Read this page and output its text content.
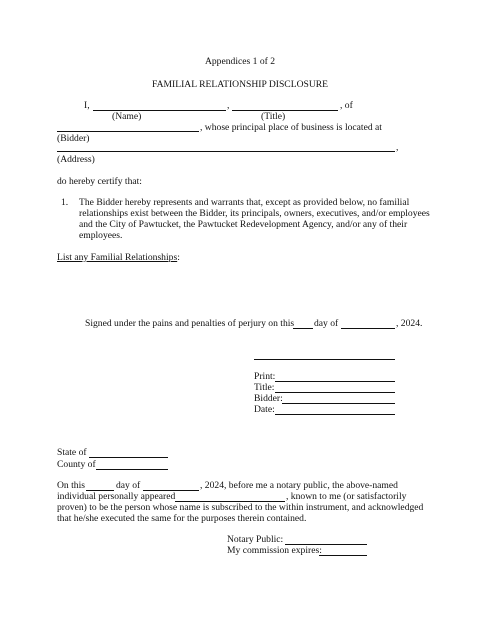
Appendices 1 of 2
FAMILIAL RELATIONSHIP DISCLOSURE
I,	,	, of
(Name)	(Title)
, whose principal place of business is located at
(Bidder)
,
(Address)
do hereby certify that:
1. The Bidder hereby represents and warrants that, except as provided below, no familial relationships exist between the Bidder, its principals, owners, executives, and/or employees and the City of Pawtucket, the Pawtucket Redevelopment Agency, and/or any of their employees.
List any Familial Relationships:
Signed under the pains and penalties of perjury on this day of	, 2024.
Print:
Title:
Bidder:
Date:
State of
County of
On this	day of	, 2024, before me a notary public, the above-named
individual personally appeared	, known to me (or satisfactorily
proven) to be the person whose name is subscribed to the within instrument, and acknowledged
that he/she executed the same for the purposes therein contained.
Notary Public:
My commission expires:
